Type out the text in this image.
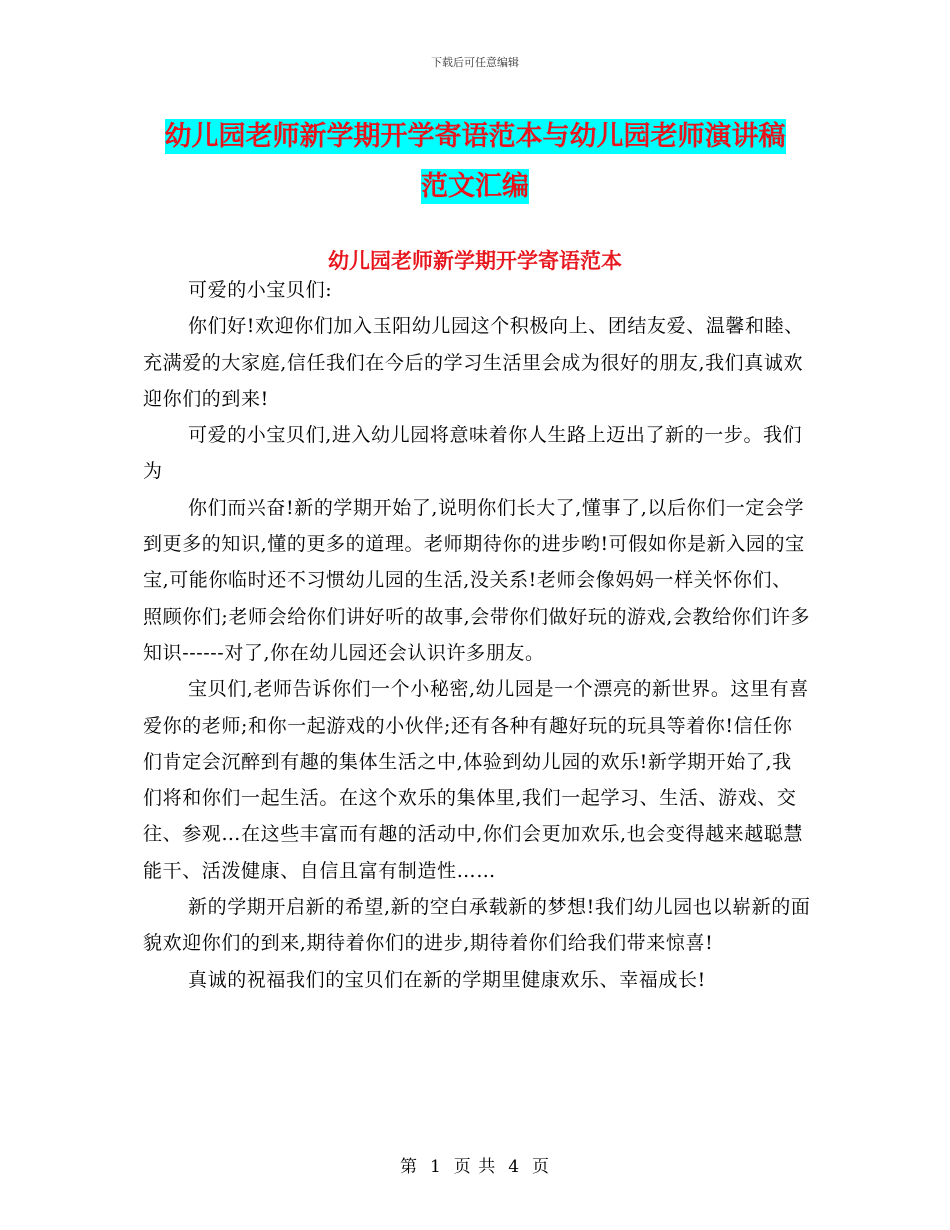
下载后可任意编辑
幼儿园老师新学期开学寄语范本与幼儿园老师演讲稿
范文汇编
幼儿园老师新学期开学寄语范本

可爱的小宝贝们:

你们好!欢迎你们加入玉阳幼儿园这个积极向上、团结友爱、温馨和睦、充满爱的大家庭,信任我们在今后的学习生活里会成为很好的朋友,我们真诚欢迎你们的到来!

可爱的小宝贝们,进入幼儿园将意味着你人生路上迈出了新的一步。我们为

你们而兴奋!新的学期开始了,说明你们长大了,懂事了,以后你们一定会学到更多的知识,懂的更多的道理。老师期待你的进步哟!可假如你是新入园的宝宝,可能你临时还不习惯幼儿园的生活,没关系!老师会像妈妈一样关怀你们、照顾你们;老师会给你们讲好听的故事,会带你们做好玩的游戏,会教给你们许多知识------对了,你在幼儿园还会认识许多朋友。

宝贝们,老师告诉你们一个小秘密,幼儿园是一个漂亮的新世界。这里有喜爱你的老师;和你一起游戏的小伙伴;还有各种有趣好玩的玩具等着你!信任你们肯定会沉醉到有趣的集体生活之中,体验到幼儿园的欢乐!新学期开始了,我们将和你们一起生活。在这个欢乐的集体里,我们一起学习、生活、游戏、交往、参观…在这些丰富而有趣的活动中,你们会更加欢乐,也会变得越来越聪慧能干、活泼健康、自信且富有制造性……

新的学期开启新的希望,新的空白承载新的梦想!我们幼儿园也以崭新的面貌欢迎你们的到来,期待着你们的进步,期待着你们给我们带来惊喜!

真诚的祝福我们的宝贝们在新的学期里健康欢乐、幸福成长!

第 1 页 共 4 页
